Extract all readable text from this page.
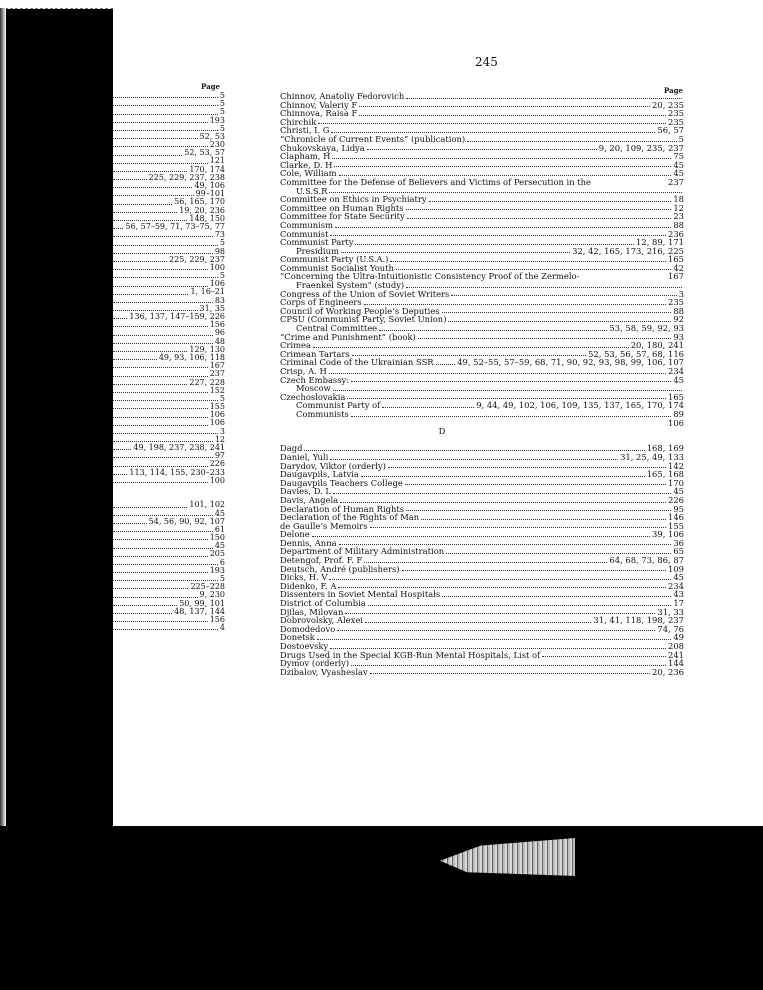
245
Page	Page
5
5
5
193
5
52, 53
230
52, 53, 57
121
170, 174
225, 229, 237, 238
49, 106
99–101
56, 165, 170
19, 20, 236
148, 150
56, 57–59, 71, 73–75, 77
73
5
98
225, 229, 237
100
5
106
1, 16–21
83
31, 35
136, 137, 147–159, 226
156
96
48
129, 130
49, 93, 106, 118
167
237
227, 228
152
5
155
106
106
3
12
49, 198, 237, 238, 241
97
226
113, 114, 155, 230–233
100
101, 102
45
54, 56, 90, 92, 107
61
150
45
205
6
193
5
225–228
9, 230
50, 99, 101
48, 137, 144
156
4
Chinnov, Anatoliy Fedorovich
Chinnov, Valeriy F	20, 235
Chinnova, Raisa F	235
Chirchik	235
Christi, I. G	56, 57
“Chronicle of Current Events” (publication)	5
Chukovskaya, Lidya	9, 20, 109, 235, 237
Clapham, H	75
Clarke, D. H	45
Cole, William	45
Committee for the Defense of Believers and Victims of Persecution in the	237
U.S.S.R
Committee on Ethics in Psychiatry	18
Committee on Human Rights	12
Committee for State Security	23
Communism	88
Communist	236
Communist Party	12, 89, 171
Presidium	32, 42, 165, 173, 216, 225
Communist Party (U.S.A.)	165
Communist Socialist Youth	42
“Concerning the Ultra-Intuitionistic Consistency Proof of the Zermelo-	167
Fraenkel System” (study)
Congress of the Union of Soviet Writers	3
Corps of Engineers	235
Council of Working People’s Deputies	88
CPSU (Communist Party, Soviet Union)	92
Central Committee	53, 58, 59, 92, 93
“Crime and Punishment” (book)	93
Crimea	20, 180, 241
Crimean Tartars	52, 53, 56, 57, 68, 116
Criminal Code of the Ukrainian SSR	49, 52–55, 57–59, 68, 71, 90, 92, 93, 98, 99, 106, 107
Crisp, A. H	234
Czech Embassy:	45
Moscow
Czechoslovakia	165
Communist Party of	9, 44, 49, 102, 106, 109, 135, 137, 165, 170, 174
Communists	89
106
D
Dagd	168, 169
Daniel, Yuli	31, 25, 49, 133
Darydov, Viktor (orderly)	142
Daugavpils, Latvia	165, 168
Daugavpils Teachers College	170
Davies, D. L	45
Davis, Angela	226
Declaration of Human Rights	95
Declaration of the Rights of Man	146
de Gaulle’s Memoirs	155
Delone	39, 106
Dennis, Anna	36
Department of Military Administration	65
Detengof, Prof. F. F	64, 68, 73, 86, 87
Deutsch, André (publishers)	109
Dicks, H. V	45
Didenko, F. A	234
Dissenters in Soviet Mental Hospitals	43
District of Columbia	17
Djilas, Milovan	31, 33
Dobrovolsky, Alexei	31, 41, 118, 198, 237
Domodedovo	74, 76
Donetsk	49
Dostoevsky	208
Drugs Used in the Special KGB-Run Mental Hospitals, List of	241
Dymov (orderly)	144
Dzibalov, Vyasheslav	20, 236
